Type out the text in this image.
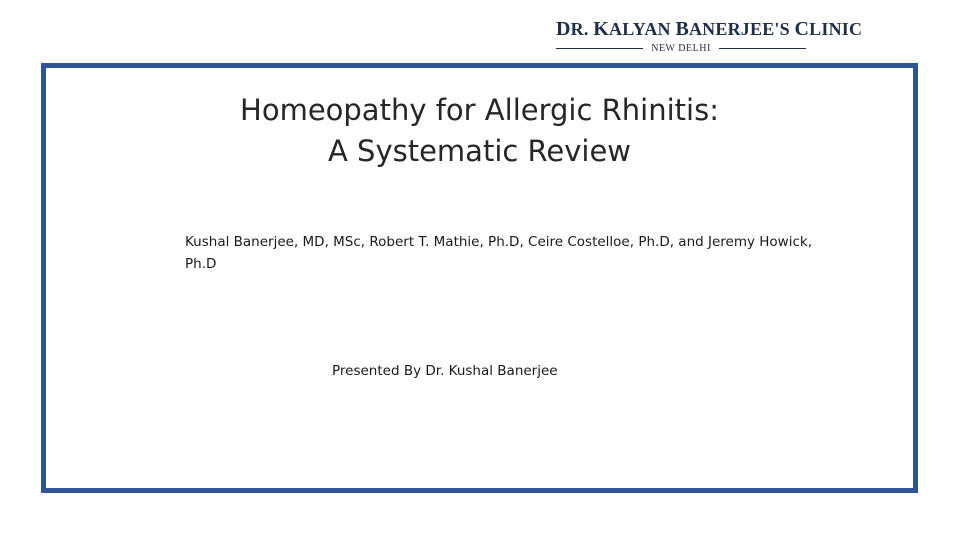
DR. KALYAN BANERJEE'S CLINIC
NEW DELHI
Homeopathy for Allergic Rhinitis:
A Systematic Review

Kushal Banerjee, MD, MSc, Robert T. Mathie, Ph.D, Ceire Costelloe, Ph.D, and Jeremy Howick, Ph.D

Presented By Dr. Kushal Banerjee
